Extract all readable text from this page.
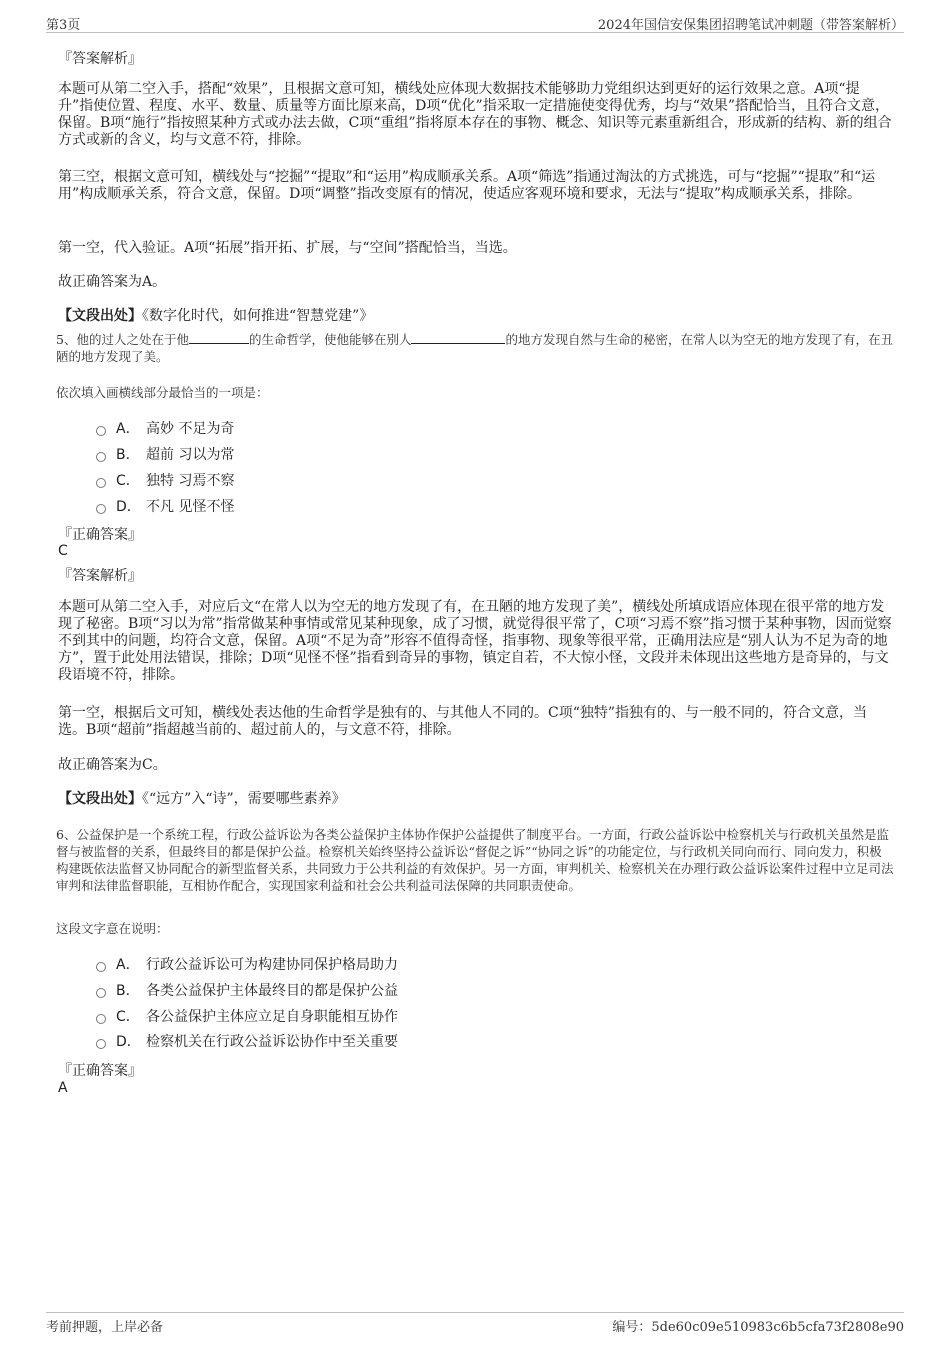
第3页	2024年国信安保集团招聘笔试冲刺题（带答案解析）
『答案解析』
本题可从第二空入手，搭配“效果”，且根据文意可知，横线处应体现大数据技术能够助力党组织达到更好的运行效果之意。A项“提升”指使位置、程度、水平、数量、质量等方面比原来高，D项“优化”指采取一定措施使变得优秀，均与“效果”搭配恰当，且符合文意，保留。B项“施行”指按照某种方式或办法去做，C项“重组”指将原本存在的事物、概念、知识等元素重新组合，形成新的结构、新的组合方式或新的含义，均与文意不符，排除。
第三空，根据文意可知，横线处与“挖掘”“提取”和“运用”构成顺承关系。A项“筛选”指通过淘汰的方式挑选，可与“挖掘”“提取”和“运用”构成顺承关系，符合文意，保留。D项“调整”指改变原有的情况，使适应客观环境和要求，无法与“提取”构成顺承关系，排除。
第一空，代入验证。A项“拓展”指开拓、扩展，与“空间”搭配恰当，当选。
故正确答案为A。
【文段出处】《数字化时代，如何推进“智慧党建”》
5、他的过人之处在于他	的生命哲学，使他能够在别人	的地方发现自然与生命的秘密，在常人以为空无的地方发现了有，在丑陋的地方发现了美。
依次填入画横线部分最恰当的一项是：
A． 高妙 不足为奇
B． 超前 习以为常
C． 独特 习焉不察
D． 不凡 见怪不怪
『正确答案』
C
『答案解析』
本题可从第二空入手，对应后文“在常人以为空无的地方发现了有，在丑陋的地方发现了美”，横线处所填成语应体现在很平常的地方发现了秘密。B项“习以为常”指常做某种事情或常见某种现象，成了习惯，就觉得很平常了，C项“习焉不察”指习惯于某种事物，因而觉察不到其中的问题，均符合文意，保留。A项“不足为奇”形容不值得奇怪，指事物、现象等很平常，正确用法应是“别人认为不足为奇的地方”，置于此处用法错误，排除；D项“见怪不怪”指看到奇异的事物，镇定自若，不大惊小怪，文段并未体现出这些地方是奇异的，与文段语境不符，排除。
第一空，根据后文可知，横线处表达他的生命哲学是独有的、与其他人不同的。C项“独特”指独有的、与一般不同的，符合文意，当选。B项“超前”指超越当前的、超过前人的，与文意不符，排除。
故正确答案为C。
【文段出处】《“远方”入“诗”，需要哪些素养》
6、公益保护是一个系统工程，行政公益诉讼为各类公益保护主体协作保护公益提供了制度平台。一方面，行政公益诉讼中检察机关与行政机关虽然是监督与被监督的关系，但最终目的都是保护公益。检察机关始终坚持公益诉讼“督促之诉”“协同之诉”的功能定位，与行政机关同向而行、同向发力，积极构建既依法监督又协同配合的新型监督关系，共同致力于公共利益的有效保护。另一方面，审判机关、检察机关在办理行政公益诉讼案件过程中立足司法审判和法律监督职能，互相协作配合，实现国家利益和社会公共利益司法保障的共同职责使命。
这段文字意在说明：
A． 行政公益诉讼可为构建协同保护格局助力
B． 各类公益保护主体最终目的都是保护公益
C． 各公益保护主体应立足自身职能相互协作
D． 检察机关在行政公益诉讼协作中至关重要
『正确答案』
A
考前押题，上岸必备	编号：5de60c09e510983c6b5cfa73f2808e90
